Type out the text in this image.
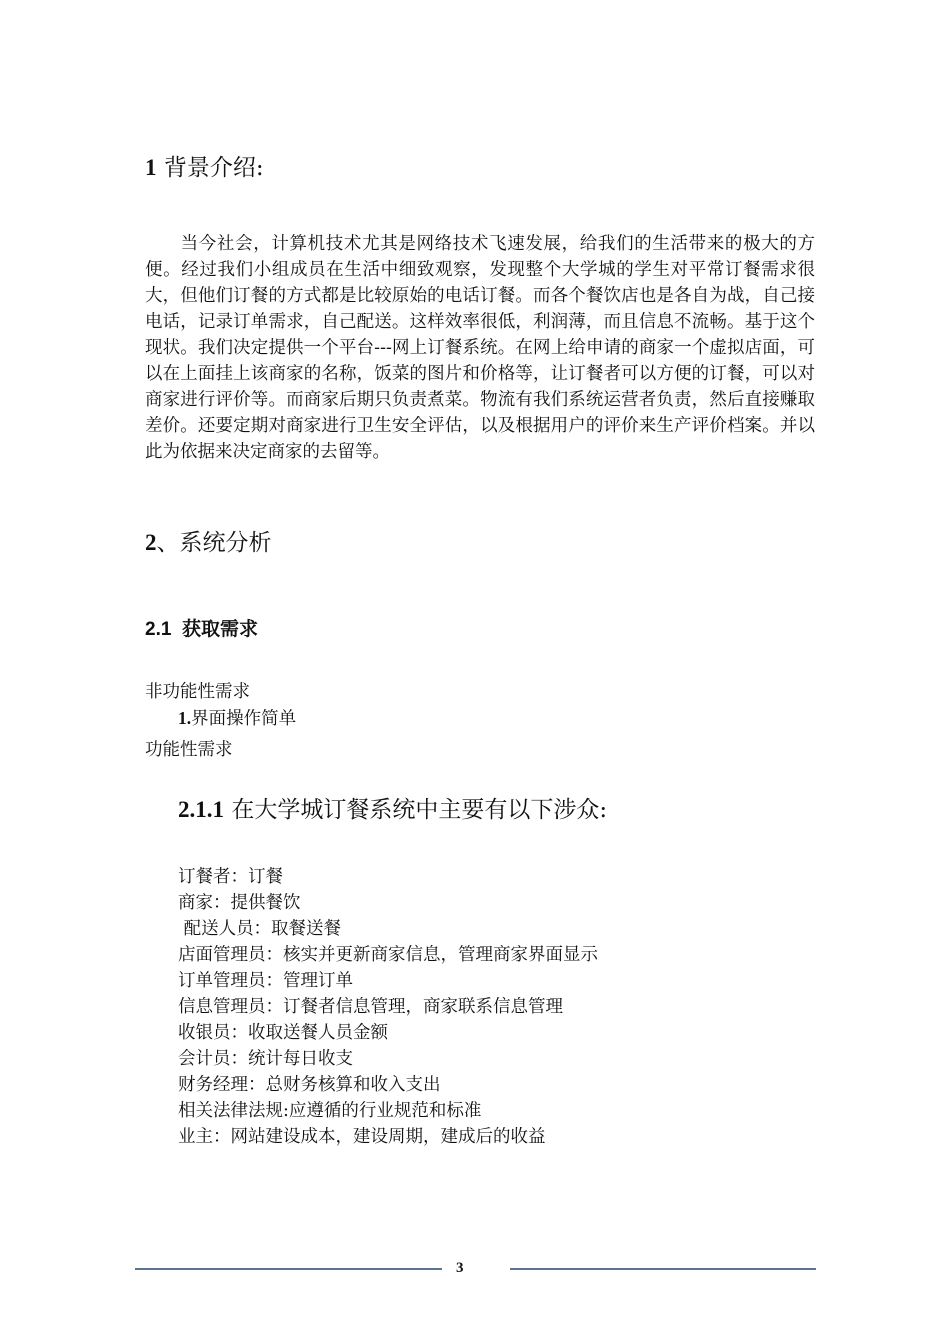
1 背景介绍:
当今社会，计算机技术尤其是网络技术飞速发展，给我们的生活带来的极大的方便。经过我们小组成员在生活中细致观察，发现整个大学城的学生对平常订餐需求很大，但他们订餐的方式都是比较原始的电话订餐。而各个餐饮店也是各自为战，自己接电话，记录订单需求，自己配送。这样效率很低，利润薄，而且信息不流畅。基于这个现状。我们决定提供一个平台---网上订餐系统。在网上给申请的商家一个虚拟店面，可以在上面挂上该商家的名称，饭菜的图片和价格等，让订餐者可以方便的订餐，可以对商家进行评价等。而商家后期只负责煮菜。物流有我们系统运营者负责，然后直接赚取差价。还要定期对商家进行卫生安全评估，以及根据用户的评价来生产评价档案。并以此为依据来决定商家的去留等。
2、系统分析
2.1 获取需求
非功能性需求
1.界面操作简单
功能性需求
2.1.1 在大学城订餐系统中主要有以下涉众:
订餐者：订餐
商家：提供餐饮
配送人员：取餐送餐
店面管理员：核实并更新商家信息，管理商家界面显示
订单管理员：管理订单
信息管理员：订餐者信息管理，商家联系信息管理
收银员：收取送餐人员金额
会计员：统计每日收支
财务经理：总财务核算和收入支出
相关法律法规:应遵循的行业规范和标准
业主：网站建设成本，建设周期，建成后的收益
3
